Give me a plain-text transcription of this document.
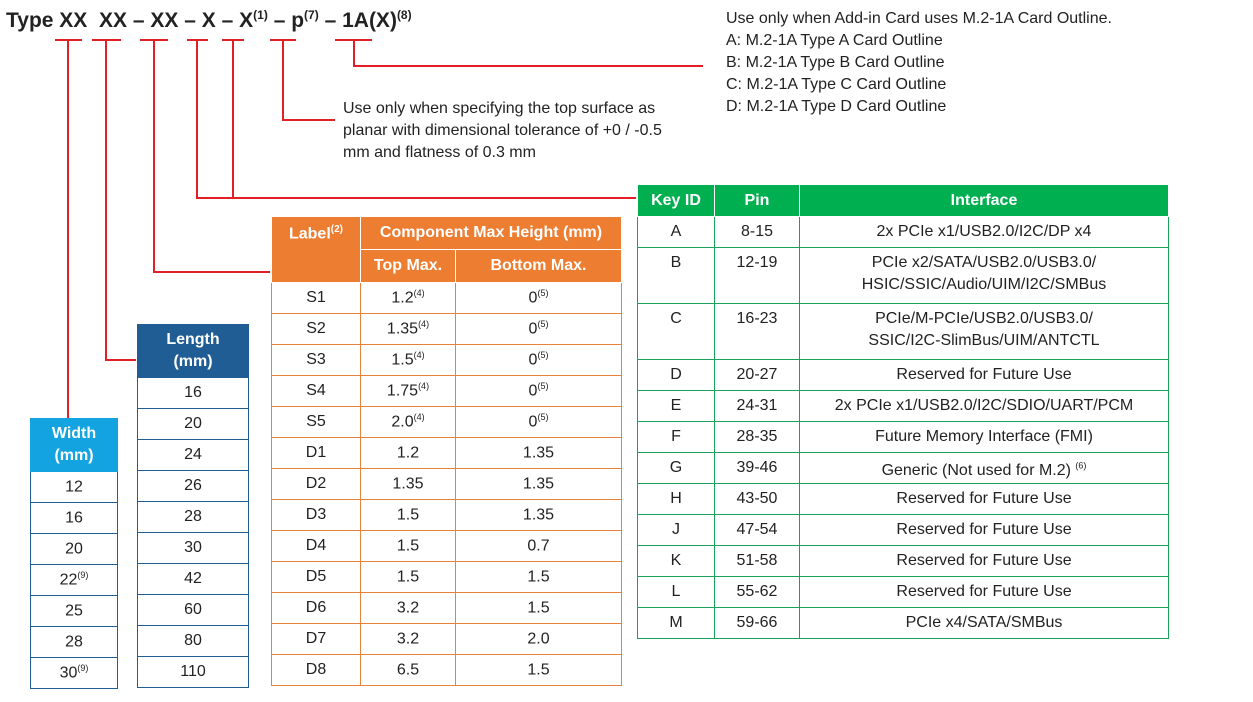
Type XX XX – XX – X – $X^{(1)} - p^{(7)} - 1A(X)^{(8)}$	Use only when Add-in Card uses M.2-1A Card Outline.
A: M.2-1A Type A Card Outline
B: M.2-1A Type B Card Outline
C: M.2-1A Type C Card Outline
D: M.2-1A Type D Card Outline
Use only when specifying the top surface as
planar with dimensional tolerance of +0 / -0.5
mm and flatness of 0.3 mm
Width
(mm)

12
16
20
22$^{(9)}$
25
28
30$^{(9)}$
Length
(mm)

16
20
24
26
28
30
42
60
80
110
Label$^{(2)}$	Component Max Height (mm)	
	Top Max.	Bottom Max.
S1	1.2$^{(4)}$	0$^{(5)}$
S2	1.35$^{(4)}$	0$^{(5)}$
S3	1.5$^{(4)}$	0$^{(5)}$
S4	1.75$^{(4)}$	0$^{(5)}$
S5	2.0$^{(4)}$	0$^{(5)}$
D1	1.2	1.35
D2	1.35	1.35
D3	1.5	1.35
D4	1.5	0.7
D5	1.5	1.5
D6	3.2	1.5
D7	3.2	2.0
D8	6.5	1.5
Key ID	Pin	Interface
A	8-15	2x PCIe x1/USB2.0/I2C/DP x4

B	12-19	PCIe x2/SATA/USB2.0/USB3.0/
HSIC/SSIC/Audio/UIM/I2C/SMBus

C	16-23	PCIe/M-PCIe/USB2.0/USB3.0/
SSIC/I2C-SlimBus/UIM/ANTCTL

D	20-27	Reserved for Future Use

E	24-31	2x PCIe x1/USB2.0/I2C/SDIO/UART/PCM

F	28-35	Future Memory Interface (FMI)

G	39-46	Generic (Not used for M.2) $^{(6)}$
H	43-50	Reserved for Future Use

J	47-54	Reserved for Future Use

K	51-58	Reserved for Future Use

L	55-62	Reserved for Future Use

M	59-66	PCIe x4/SATA/SMBus
